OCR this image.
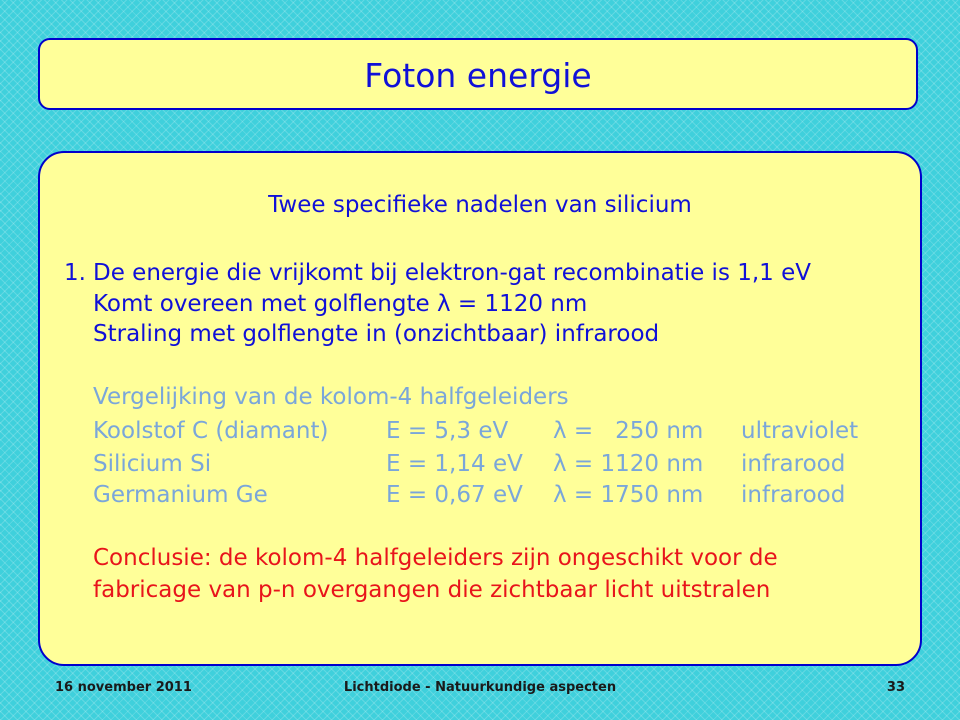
Foton energie
Twee specifieke nadelen van silicium
1. De energie die vrijkomt bij elektron-gat recombinatie is 1,1 eV
Komt overeen met golflengte λ = 1120 nm
Straling met golflengte in (onzichtbaar) infrarood
Vergelijking van de kolom-4 halfgeleiders
Koolstof C (diamant)	E = 5,3 eV λ =   250 nm ultraviolet
Silicium Si	E = 1,14 eV λ = 1120 nm infrarood
Germanium Ge	E = 0,67 eV λ = 1750 nm infrarood
Conclusie: de kolom-4 halfgeleiders zijn ongeschikt voor de
fabricage van p-n overgangen die zichtbaar licht uitstralen
16 november 2011	Lichtdiode - Natuurkundige aspecten	33
